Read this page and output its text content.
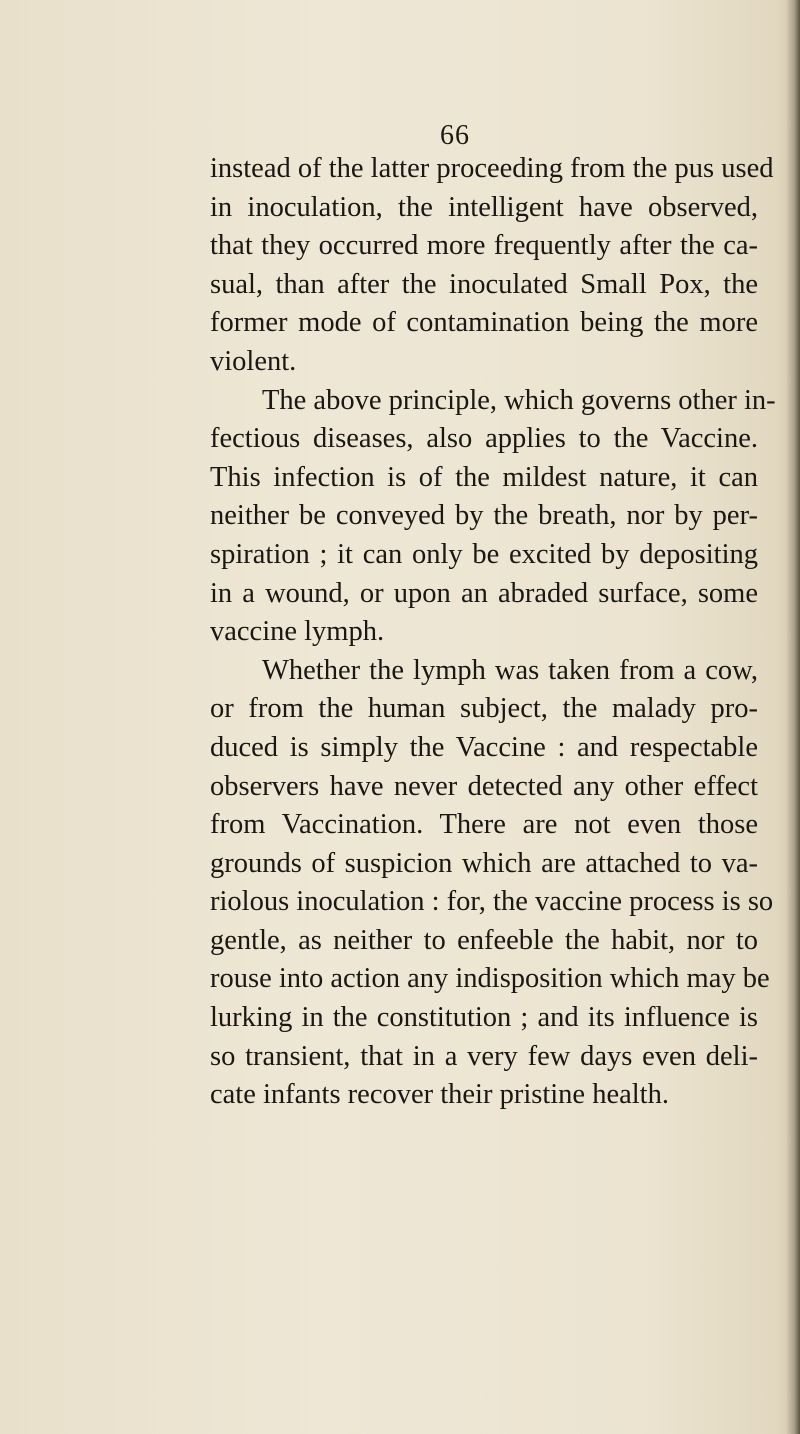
66
instead of the latter proceeding from the pus used
in inoculation, the intelligent have observed,
that they occurred more frequently after the ca-
sual, than after the inoculated Small Pox, the
former mode of contamination being the more
violent.
The above principle, which governs other in-
fectious diseases, also applies to the Vaccine.
This infection is of the mildest nature, it can
neither be conveyed by the breath, nor by per-
spiration ; it can only be excited by depositing
in a wound, or upon an abraded surface, some
vaccine lymph.
Whether the lymph was taken from a cow,
or from the human subject, the malady pro-
duced is simply the Vaccine : and respectable
observers have never detected any other effect
from Vaccination. There are not even those
grounds of suspicion which are attached to va-
riolous inoculation : for, the vaccine process is so
gentle, as neither to enfeeble the habit, nor to
rouse into action any indisposition which may be
lurking in the constitution ; and its influence is
so transient, that in a very few days even deli-
cate infants recover their pristine health.
